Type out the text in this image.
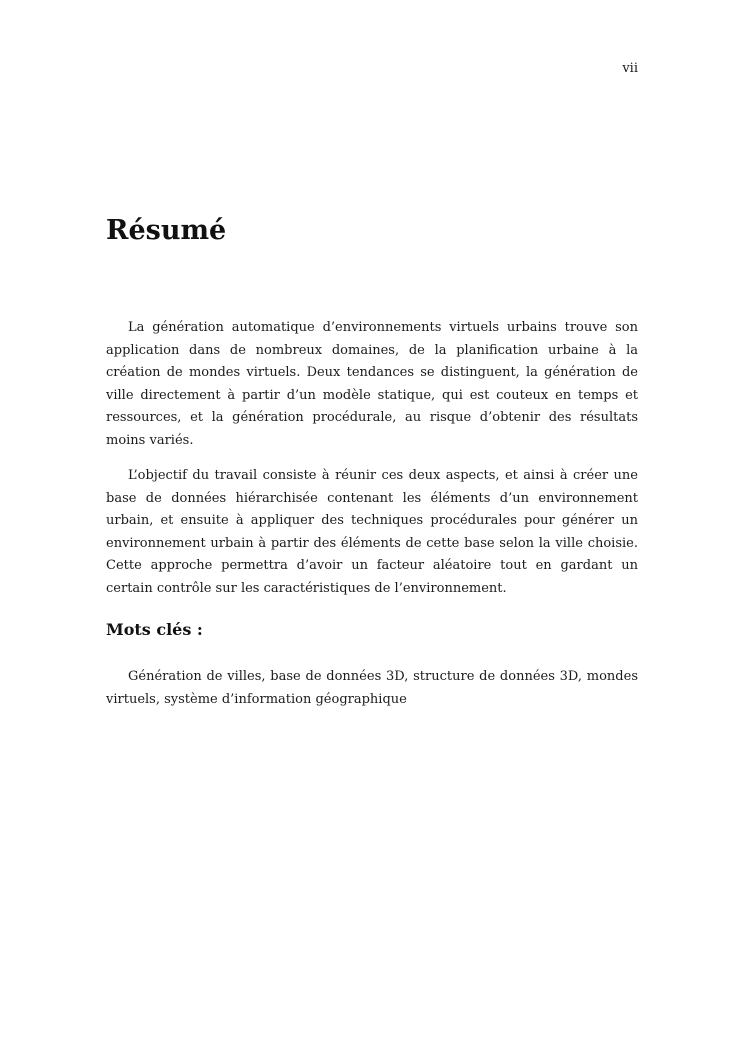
vii
Résumé

La génération automatique d’environnements virtuels urbains trouve son application dans de nombreux domaines, de la planification urbaine à la création de mondes virtuels. Deux tendances se distinguent, la génération de ville directement à partir d’un modèle statique, qui est couteux en temps et ressources, et la génération procédurale, au risque d’obtenir des résultats moins variés.

L’objectif du travail consiste à réunir ces deux aspects, et ainsi à créer une base de données hiérarchisée contenant les éléments d’un environnement urbain, et ensuite à appliquer des techniques procédurales pour générer un environnement urbain à partir des éléments de cette base selon la ville choisie. Cette approche permettra d’avoir un facteur aléatoire tout en gardant un certain contrôle sur les caractéristiques de l’environnement.

Mots clés :

Génération de villes, base de données 3D, structure de données 3D, mondes virtuels, système d’information géographique
